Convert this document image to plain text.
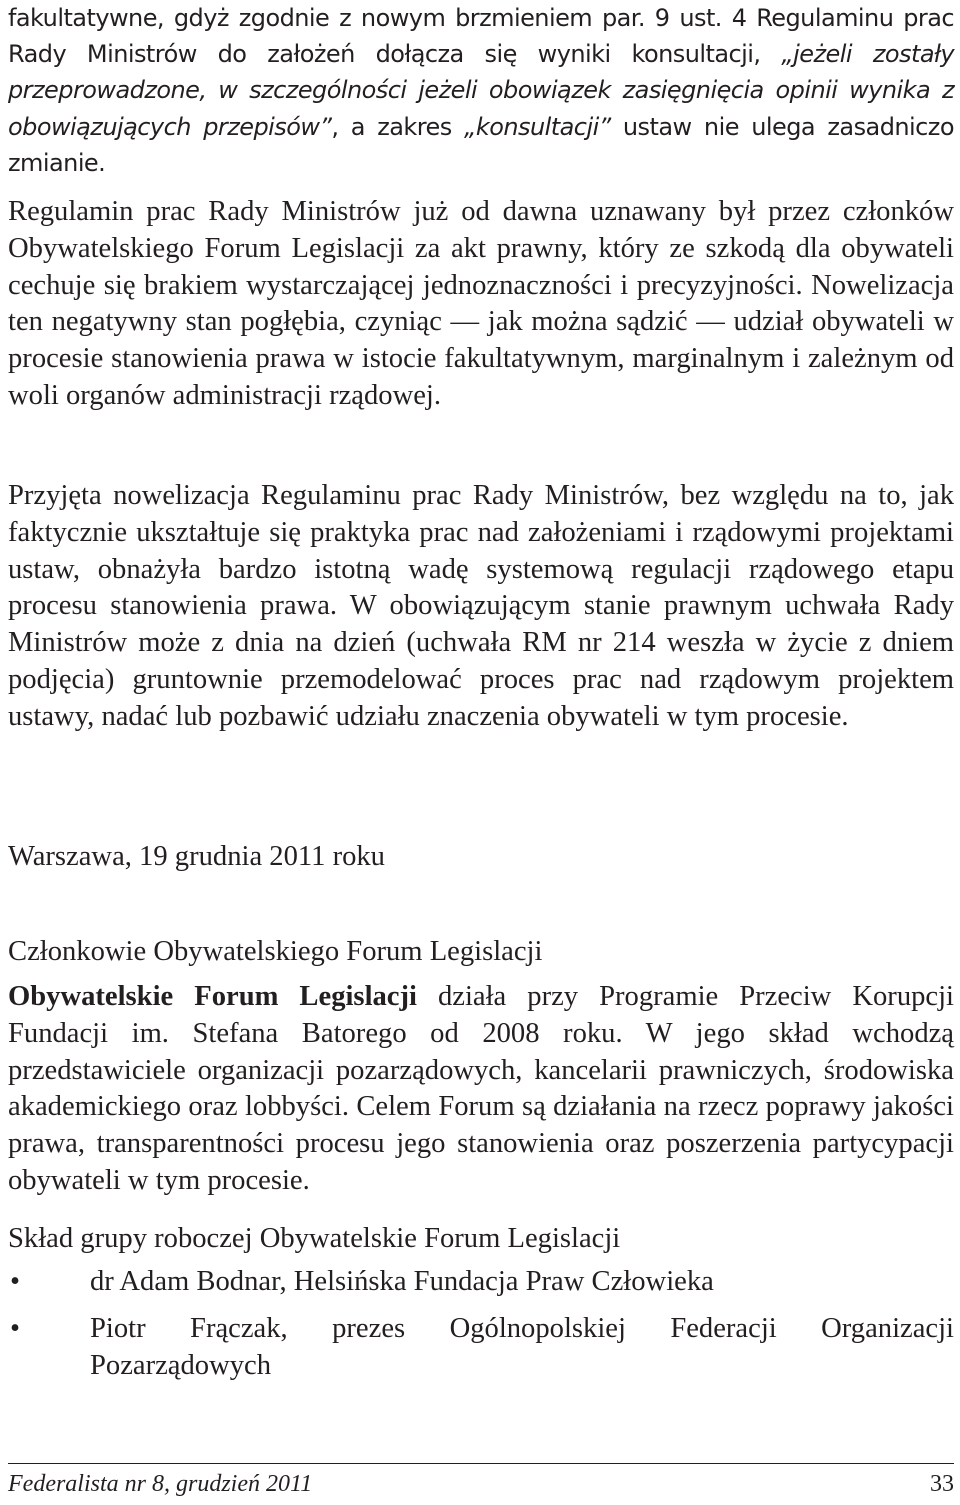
fakultatywne, gdyż zgodnie z nowym brzmieniem par. 9 ust. 4 Regulaminu prac Rady Ministrów do założeń dołącza się wyniki konsultacji, „jeżeli zostały przeprowadzone, w szczególności jeżeli obowiązek zasięgnięcia opinii wynika z obowiązujących przepisów”, a zakres „konsultacji” ustaw nie ulega zasadniczo zmianie.

Regulamin prac Rady Ministrów już od dawna uznawany był przez członków Obywatelskiego Forum Legislacji za akt prawny, który ze szkodą dla obywateli cechuje się brakiem wystarczającej jednoznaczności i precyzyjności. Nowelizacja ten negatywny stan pogłębia, czyniąc — jak można sądzić — udział obywateli w procesie stanowienia prawa w istocie fakultatywnym, marginalnym i zależnym od woli organów administracji rządowej.

Przyjęta nowelizacja Regulaminu prac Rady Ministrów, bez względu na to, jak faktycznie ukształtuje się praktyka prac nad założeniami i rządowymi projektami ustaw, obnażyła bardzo istotną wadę systemową regulacji rządowego etapu procesu stanowienia prawa. W obowiązującym stanie prawnym uchwała Rady Ministrów może z dnia na dzień (uchwała RM nr 214 weszła w życie z dniem podjęcia) gruntownie przemodelować proces prac nad rządowym projektem ustawy, nadać lub pozbawić udziału znaczenia obywateli w tym procesie.

Warszawa, 19 grudnia 2011 roku

Członkowie Obywatelskiego Forum Legislacji

Obywatelskie Forum Legislacji działa przy Programie Przeciw Korupcji Fundacji im. Stefana Batorego od 2008 roku. W jego skład wchodzą przedstawiciele organizacji pozarządowych, kancelarii prawniczych, środowiska akademickiego oraz lobbyści. Celem Forum są działania na rzecz poprawy jakości prawa, transparentności procesu jego stanowienia oraz poszerzenia partycypacji obywateli w tym procesie.

Skład grupy roboczej Obywatelskie Forum Legislacji

• dr Adam Bodnar, Helsińska Fundacja Praw Człowieka
• Piotr Frączak, prezes Ogólnopolskiej Federacji Organizacji Pozarządowych
Federalista nr 8, grudzień 2011	33
